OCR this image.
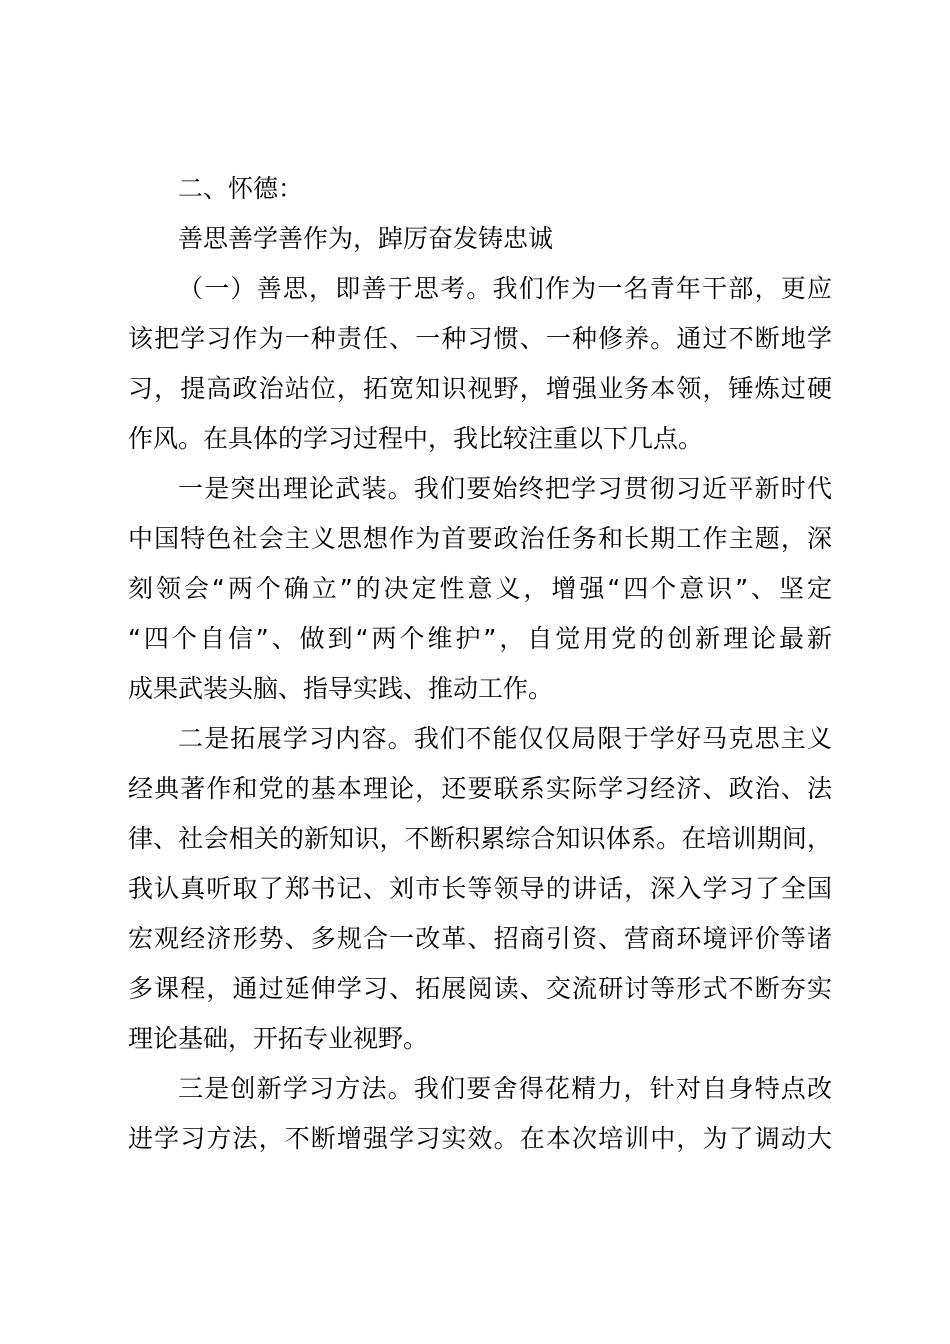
二、怀德：
善思善学善作为，踔厉奋发铸忠诚
（一）善思，即善于思考。我们作为一名青年干部，更应
该把学习作为一种责任、一种习惯、一种修养。通过不断地学
习，提高政治站位，拓宽知识视野，增强业务本领，锤炼过硬
作风。在具体的学习过程中，我比较注重以下几点。
一是突出理论武装。我们要始终把学习贯彻习近平新时代
中国特色社会主义思想作为首要政治任务和长期工作主题，深
刻领会“两个确立”的决定性意义，增强“四个意识”、坚定
“四个自信”、做到“两个维护”，自觉用党的创新理论最新
成果武装头脑、指导实践、推动工作。
二是拓展学习内容。我们不能仅仅局限于学好马克思主义
经典著作和党的基本理论，还要联系实际学习经济、政治、法
律、社会相关的新知识，不断积累综合知识体系。在培训期间，
我认真听取了郑书记、刘市长等领导的讲话，深入学习了全国
宏观经济形势、多规合一改革、招商引资、营商环境评价等诸
多课程，通过延伸学习、拓展阅读、交流研讨等形式不断夯实
理论基础，开拓专业视野。
三是创新学习方法。我们要舍得花精力，针对自身特点改
进学习方法，不断增强学习实效。在本次培训中，为了调动大
